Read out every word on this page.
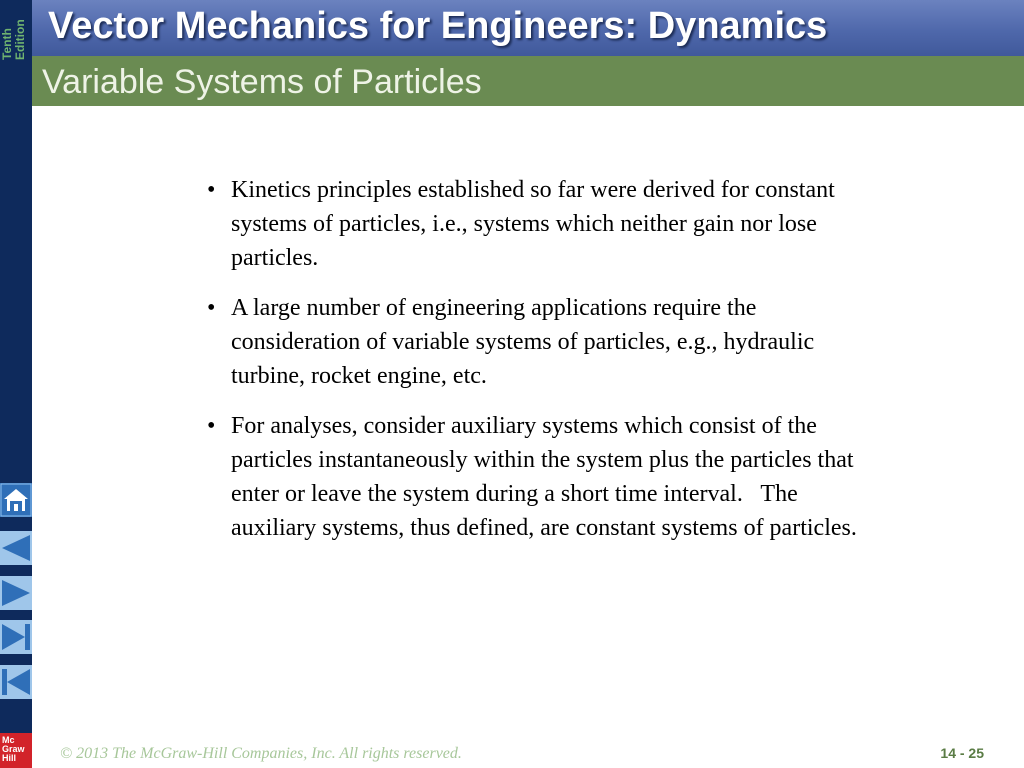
Tenth Edition Vector Mechanics for Engineers: Dynamics
Variable Systems of Particles
• Kinetics principles established so far were derived for constant systems of particles, i.e., systems which neither gain nor lose particles.
• A large number of engineering applications require the consideration of variable systems of particles, e.g., hydraulic turbine, rocket engine, etc.
• For analyses, consider auxiliary systems which consist of the particles instantaneously within the system plus the particles that enter or leave the system during a short time interval.   The auxiliary systems, thus defined, are constant systems of particles.
Mc
Graw
Hill	© 2013 The McGraw-Hill Companies, Inc. All rights reserved.	14 - 25
